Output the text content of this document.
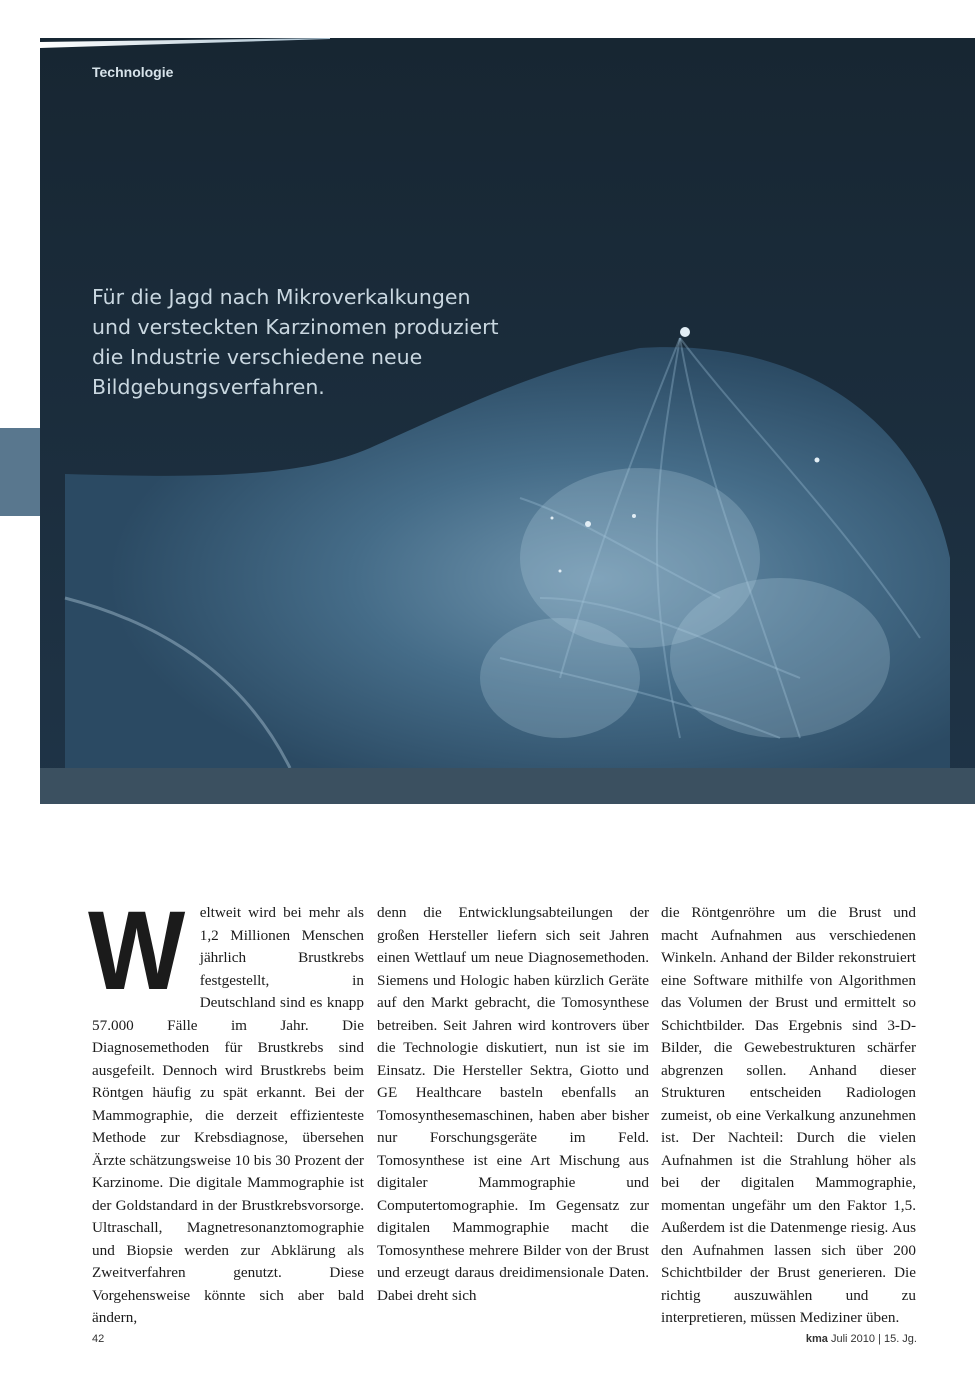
Technologie
Für die Jagd nach Mikroverkalkungen und versteckten Karzinomen produziert die Industrie verschiedene neue Bildgebungsverfahren.
W eltweit wird bei mehr als 1,2 Millionen Menschen jährlich Brustkrebs festgestellt, in Deutschland sind es knapp 57.000 Fälle im Jahr. Die Diagnosemethoden für Brustkrebs sind ausgefeilt. Dennoch wird Brustkrebs beim Röntgen häufig zu spät erkannt. Bei der Mammographie, die derzeit effizienteste Methode zur Krebsdiagnose, übersehen Ärzte schätzungsweise 10 bis 30 Prozent der Karzinome. Die digitale Mammographie ist der Goldstandard in der Brustkrebsvorsorge. Ultraschall, Magnetresonanztomographie und Biopsie werden zur Abklärung als Zweitverfahren genutzt. Diese Vorgehensweise könnte sich aber bald ändern,
denn die Entwicklungsabteilungen der großen Hersteller liefern sich seit Jahren einen Wettlauf um neue Diagnosemethoden. Siemens und Hologic haben kürzlich Geräte auf den Markt gebracht, die Tomosynthese betreiben. Seit Jahren wird kontrovers über die Technologie diskutiert, nun ist sie im Einsatz. Die Hersteller Sektra, Giotto und GE Healthcare basteln ebenfalls an Tomosynthesemaschinen, haben aber bisher nur Forschungsgeräte im Feld. Tomosynthese ist eine Art Mischung aus digitaler Mammographie und Computertomographie. Im Gegensatz zur digitalen Mammographie macht die Tomosynthese mehrere Bilder von der Brust und erzeugt daraus dreidimensionale Daten. Dabei dreht sich
die Röntgenröhre um die Brust und macht Aufnahmen aus verschiedenen Winkeln. Anhand der Bilder rekonstruiert eine Software mithilfe von Algorithmen das Volumen der Brust und ermittelt so Schichtbilder. Das Ergebnis sind 3-D-Bilder, die Gewebestrukturen schärfer abgrenzen sollen. Anhand dieser Strukturen entscheiden Radiologen zumeist, ob eine Verkalkung anzunehmen ist. Der Nachteil: Durch die vielen Aufnahmen ist die Strahlung höher als bei der digitalen Mammographie, momentan ungefähr um den Faktor 1,5. Außerdem ist die Datenmenge riesig. Aus den Aufnahmen lassen sich über 200 Schichtbilder der Brust generieren. Die richtig auszuwählen und zu interpretieren, müssen Mediziner üben.
42	kma Juli 2010 | 15. Jg.
